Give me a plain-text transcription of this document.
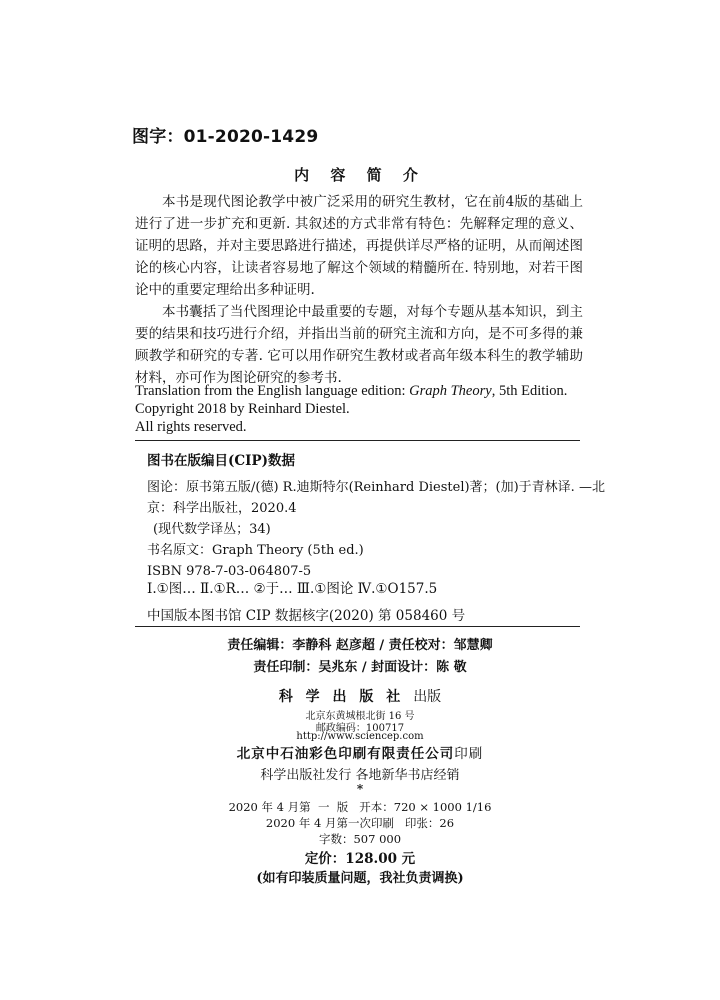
图字：01-2020-1429
内 容 简 介

本书是现代图论教学中被广泛采用的研究生教材，它在前4版的基础上进行了进一步扩充和更新. 其叙述的方式非常有特色：先解释定理的意义、证明的思路，并对主要思路进行描述，再提供详尽严格的证明，从而阐述图论的核心内容，让读者容易地了解这个领域的精髓所在. 特别地，对若干图论中的重要定理给出多种证明.

本书囊括了当代图理论中最重要的专题，对每个专题从基本知识，到主要的结果和技巧进行介绍，并指出当前的研究主流和方向，是不可多得的兼顾教学和研究的专著. 它可以用作研究生教材或者高年级本科生的教学辅助材料，亦可作为图论研究的参考书.

Translation from the English language edition: Graph Theory, 5th Edition.
Copyright 2018 by Reinhard Diestel.
All rights reserved.
图书在版编目(CIP)数据
图论：原书第五版/(德) R.迪斯特尔(Reinhard Diestel)著；(加)于青林译. —北
京：科学出版社，2020.4
(现代数学译丛；34)
书名原文：Graph Theory (5th ed.)
ISBN 978-7-03-064807-5
Ⅰ.①图… Ⅱ.①R… ②于… Ⅲ.①图论 Ⅳ.①O157.5
中国版本图书馆 CIP 数据核字(2020) 第 058460 号
责任编辑：李静科 赵彦超 / 责任校对：邹慧卿
责任印制：吴兆东 / 封面设计：陈 敬
科 学 出 版 社 出版
北京东黄城根北街 16 号
邮政编码：100717
http://www.sciencep.com
北京中石油彩色印刷有限责任公司印刷
科学出版社发行 各地新华书店经销
*
2020 年 4 月第  一  版   开本：720 × 1000 1/16
2020 年 4 月第一次印刷   印张：26
字数：507 000
定价：128.00 元
(如有印装质量问题，我社负责调换)
